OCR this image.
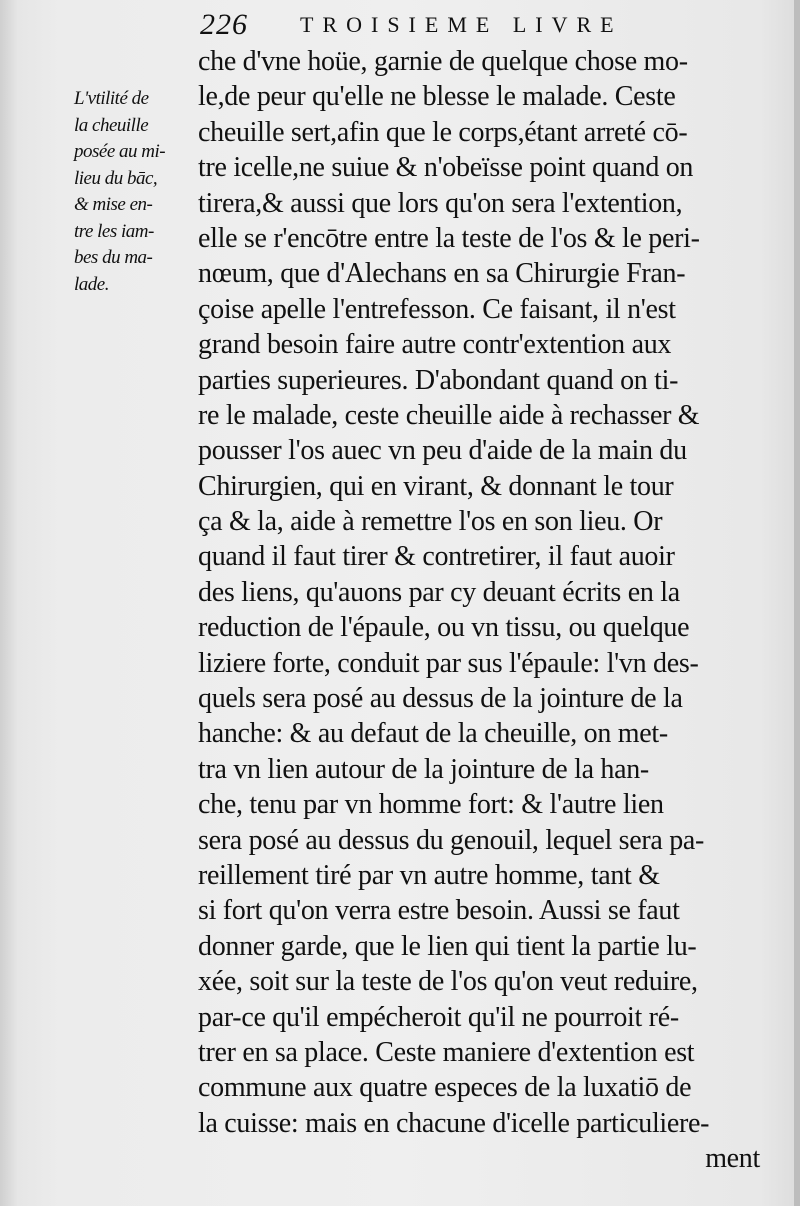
226 TROISIEME LIVRE
L'vtilité de
la cheuille
posée au mi-
lieu du bāc,
& mise en-
tre les iam-
bes du ma-
lade.
che d'vne hoüe, garnie de quelque chose mo-
le,de peur qu'elle ne blesse le malade. Ceste
cheuille sert,afin que le corps,étant arreté cō-
tre icelle,ne suiue & n'obeïsse point quand on
tirera,& aussi que lors qu'on sera l'extention,
elle se r'encōtre entre la teste de l'os & le peri-
nœum, que d'Alechans en sa Chirurgie Fran-
çoise apelle l'entrefesson. Ce faisant, il n'est
grand besoin faire autre contr'extention aux
parties superieures. D'abondant quand on ti-
re le malade, ceste cheuille aide à rechasser &
pousser l'os auec vn peu d'aide de la main du
Chirurgien, qui en virant, & donnant le tour
ça & la, aide à remettre l'os en son lieu. Or
quand il faut tirer & contretirer, il faut auoir
des liens, qu'auons par cy deuant écrits en la
reduction de l'épaule, ou vn tissu, ou quelque
liziere forte, conduit par sus l'épaule: l'vn des-
quels sera posé au dessus de la jointure de la
hanche: & au defaut de la cheuille, on met-
tra vn lien autour de la jointure de la han-
che, tenu par vn homme fort: & l'autre lien
sera posé au dessus du genouil, lequel sera pa-
reillement tiré par vn autre homme, tant &
si fort qu'on verra estre besoin. Aussi se faut
donner garde, que le lien qui tient la partie lu-
xée, soit sur la teste de l'os qu'on veut reduire,
par-ce qu'il empécheroit qu'il ne pourroit ré-
trer en sa place. Ceste maniere d'extention est
commune aux quatre especes de la luxatiō de
la cuisse: mais en chacune d'icelle particuliere-
ment
